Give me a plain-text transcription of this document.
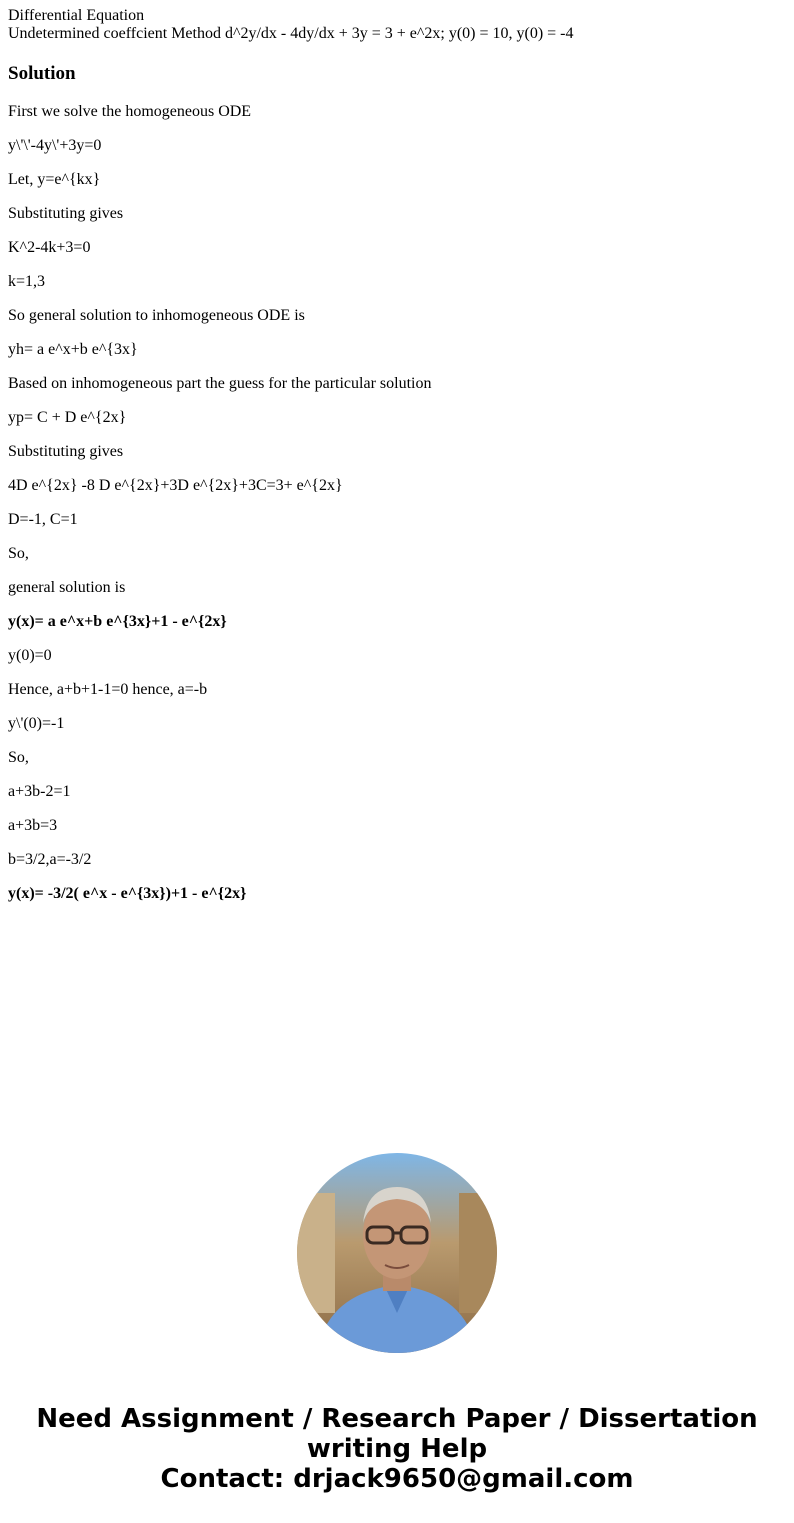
Differential Equation
Undetermined coeffcient Method d^2y/dx - 4dy/dx + 3y = 3 + e^2x; y(0) = 10, y(0) = -4
Solution

First we solve the homogeneous ODE

y\'\'-4y\'+3y=0

Let, y=e^{kx}

Substituting gives

K^2-4k+3=0

k=1,3

So general solution to inhomogeneous ODE is

yh= a e^x+b e^{3x}

Based on inhomogeneous part the guess for the particular solution

yp= C + D e^{2x}

Substituting gives

4D e^{2x} -8 D e^{2x}+3D e^{2x}+3C=3+ e^{2x}

D=-1, C=1

So,

general solution is

y(x)= a e^x+b e^{3x}+1 - e^{2x}

y(0)=0

Hence, a+b+1-1=0 hence, a=-b

y\'(0)=-1

So,

a+3b-2=1

a+3b=3

b=3/2,a=-3/2

y(x)= -3/2( e^x - e^{3x})+1 - e^{2x}

Need Assignment / Research Paper / Dissertation
writing Help
Contact: drjack9650@gmail.com
